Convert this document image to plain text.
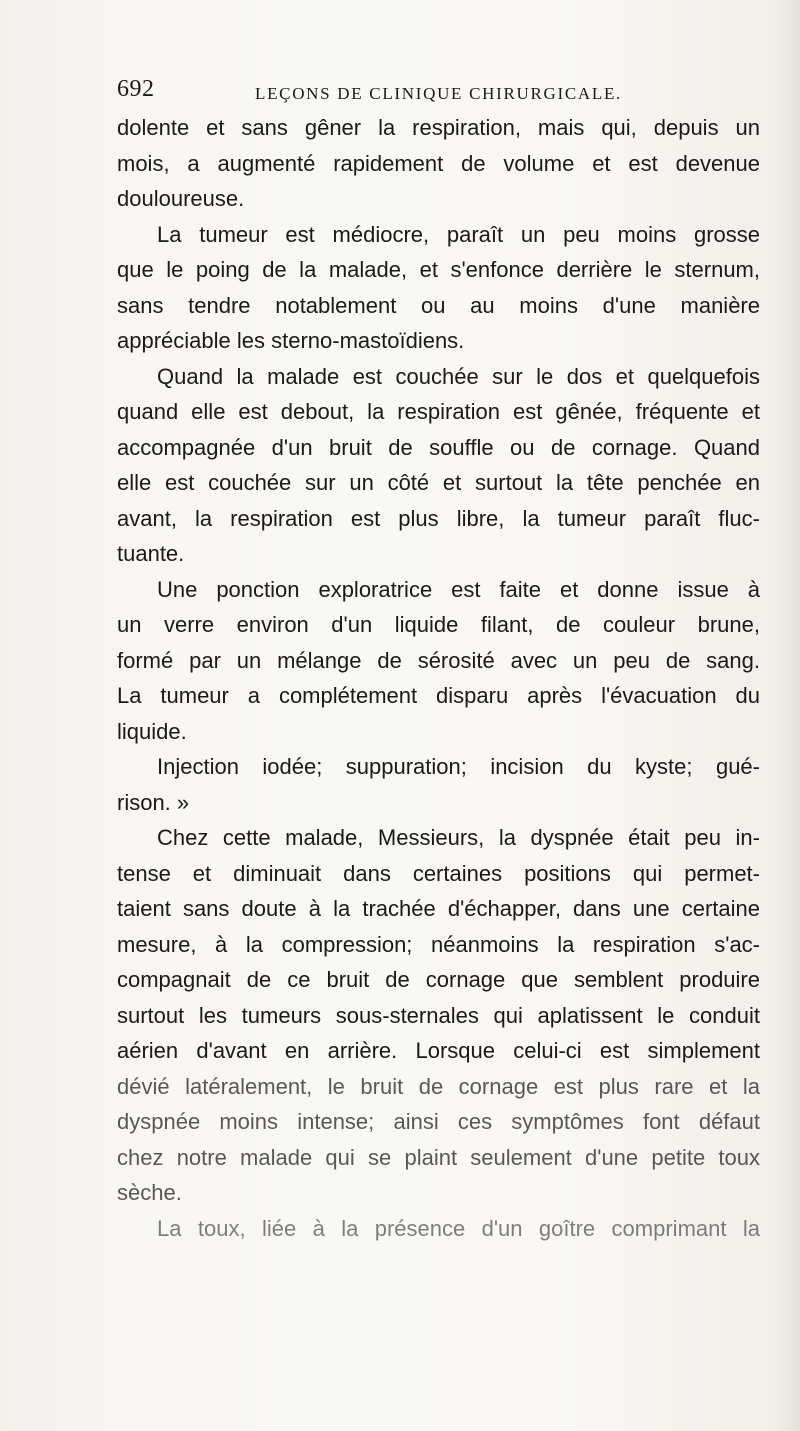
692	LEÇONS DE CLINIQUE CHIRURGICALE.

dolente et sans gêner la respiration, mais qui, depuis un
mois, a augmenté rapidement de volume et est devenue
douloureuse.

La tumeur est médiocre, paraît un peu moins grosse
que le poing de la malade, et s'enfonce derrière le sternum,
sans tendre notablement ou au moins d'une manière
appréciable les sterno-mastoïdiens.

Quand la malade est couchée sur le dos et quelquefois
quand elle est debout, la respiration est gênée, fréquente et
accompagnée d'un bruit de souffle ou de cornage. Quand
elle est couchée sur un côté et surtout la tête penchée en
avant, la respiration est plus libre, la tumeur paraît fluc-
tuante.

Une ponction exploratrice est faite et donne issue à
un verre environ d'un liquide filant, de couleur brune,
formé par un mélange de sérosité avec un peu de sang.
La tumeur a complétement disparu après l'évacuation du
liquide.

Injection iodée; suppuration; incision du kyste; gué-
rison. »

Chez cette malade, Messieurs, la dyspnée était peu in-
tense et diminuait dans certaines positions qui permet-
taient sans doute à la trachée d'échapper, dans une certaine
mesure, à la compression; néanmoins la respiration s'ac-
compagnait de ce bruit de cornage que semblent produire
surtout les tumeurs sous-sternales qui aplatissent le conduit
aérien d'avant en arrière. Lorsque celui-ci est simplement
dévié latéralement, le bruit de cornage est plus rare et la
dyspnée moins intense; ainsi ces symptômes font défaut
chez notre malade qui se plaint seulement d'une petite toux
sèche.

La toux, liée à la présence d'un goître comprimant la
